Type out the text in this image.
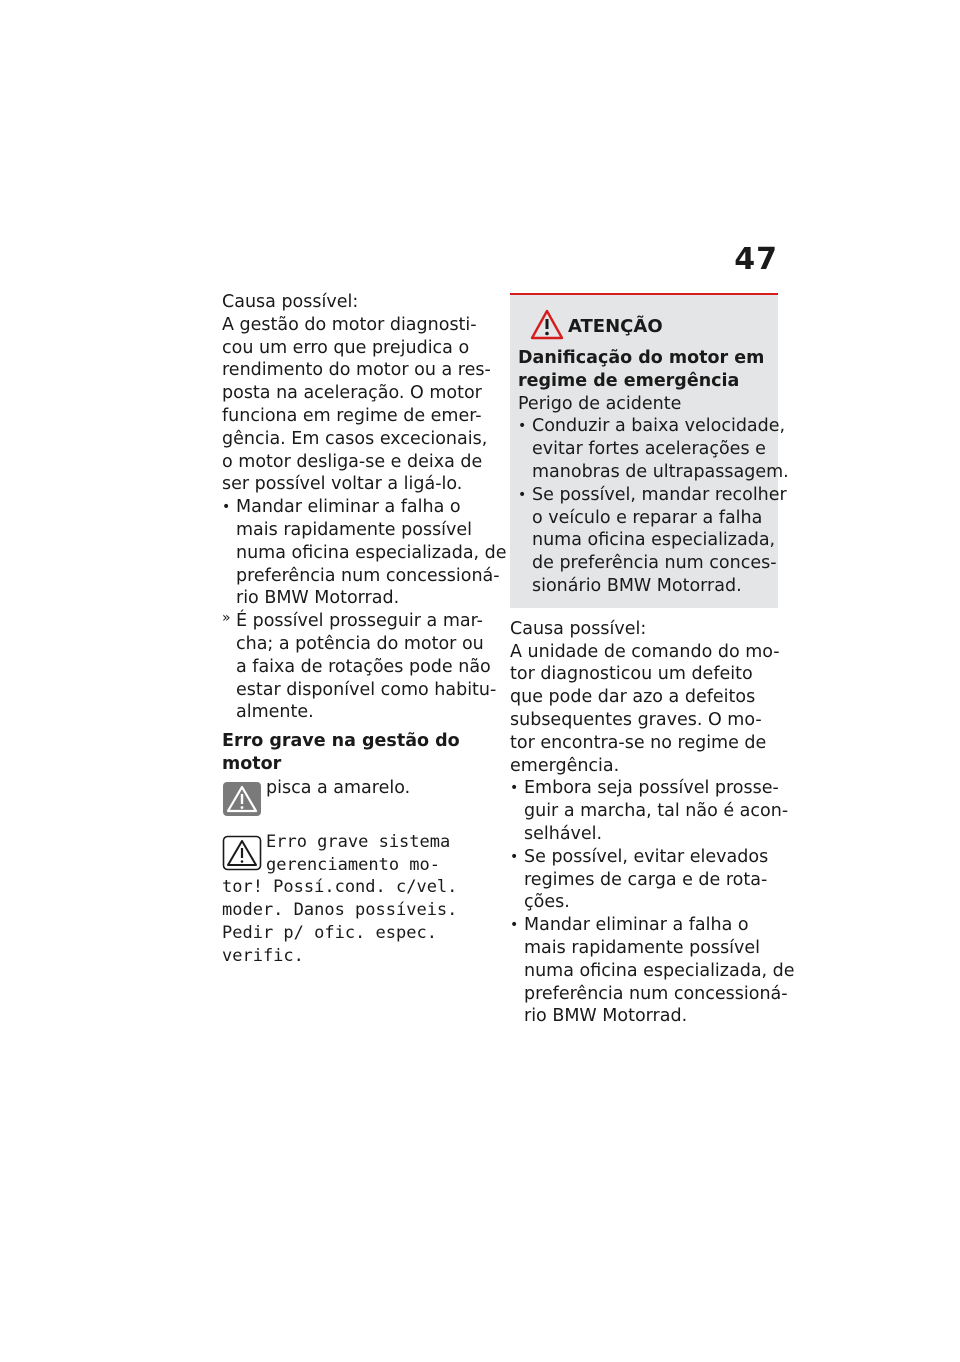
47

Causa possível:
A gestão do motor diagnosti-
cou um erro que prejudica o
rendimento do motor ou a res-
posta na aceleração. O motor
funciona em regime de emer-
gência. Em casos excecionais,
o motor desliga-se e deixa de
ser possível voltar a ligá-lo.

• Mandar eliminar a falha o
mais rapidamente possível
numa oficina especializada, de
preferência num concessioná-
rio BMW Motorrad.
» É possível prosseguir a mar-
cha; a potência do motor ou
a faixa de rotações pode não
estar disponível como habitu-
almente.
Erro grave na gestão do
motor
pisca a amarelo.
Erro grave sistema
gerenciamento mo-
tor! Possí.cond. c/vel.
moder. Danos possíveis.
Pedir p/ ofic. espec.
verific.
ATENÇÃO
Danificação do motor em
regime de emergência
Perigo de acidente
• Conduzir a baixa velocidade,
evitar fortes acelerações e
manobras de ultrapassagem.
• Se possível, mandar recolher
o veículo e reparar a falha
numa oficina especializada,
de preferência num conces-
sionário BMW Motorrad.

Causa possível:
A unidade de comando do mo-
tor diagnosticou um defeito
que pode dar azo a defeitos
subsequentes graves. O mo-
tor encontra-se no regime de
emergência.

• Embora seja possível prosse-
guir a marcha, tal não é acon-
selhável.
• Se possível, evitar elevados
regimes de carga e de rota-
ções.
• Mandar eliminar a falha o
mais rapidamente possível
numa oficina especializada, de
preferência num concessioná-
rio BMW Motorrad.
